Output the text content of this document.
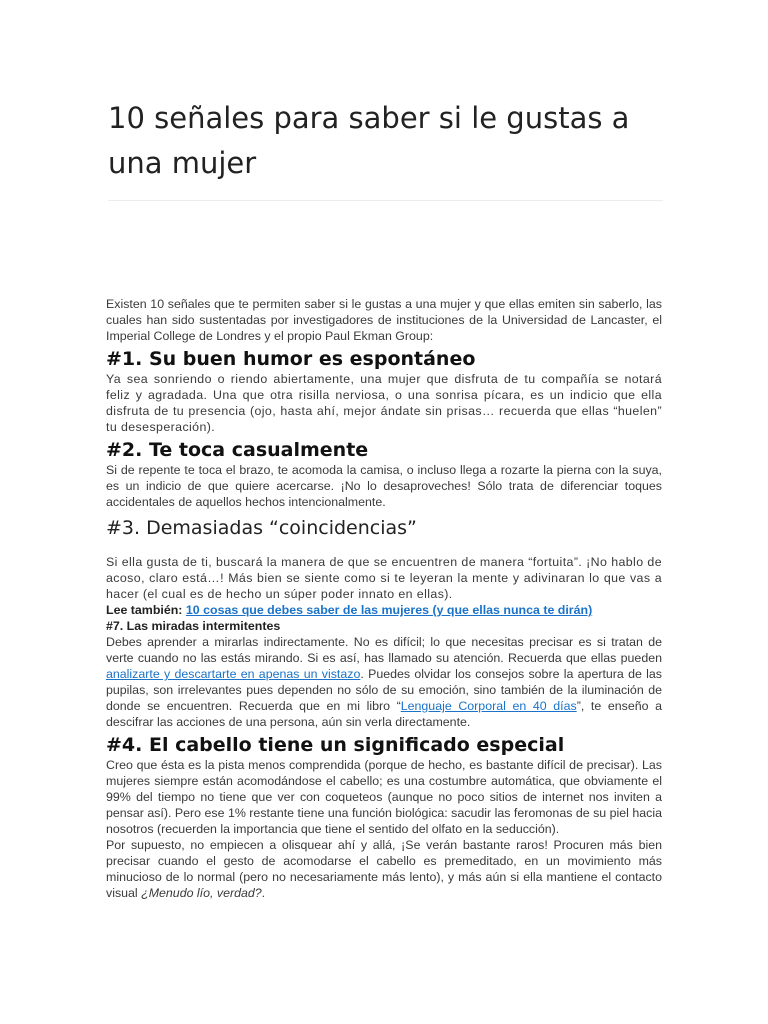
10 señales para saber si le gustas a una mujer

Existen 10 señales que te permiten saber si le gustas a una mujer y que ellas emiten sin saberlo, las cuales han sido sustentadas por investigadores de instituciones de la Universidad de Lancaster, el Imperial College de Londres y el propio Paul Ekman Group:

#1. Su buen humor es espontáneo

Ya sea sonriendo o riendo abiertamente, una mujer que disfruta de tu compañía se notará feliz y agradada. Una que otra risilla nerviosa, o una sonrisa pícara, es un indicio que ella disfruta de tu presencia (ojo, hasta ahí, mejor ándate sin prisas… recuerda que ellas “huelen” tu desesperación).

#2. Te toca casualmente

Si de repente te toca el brazo, te acomoda la camisa, o incluso llega a rozarte la pierna con la suya, es un indicio de que quiere acercarse. ¡No lo desaproveches! Sólo trata de diferenciar toques accidentales de aquellos hechos intencionalmente.

#3. Demasiadas “coincidencias”

Si ella gusta de ti, buscará la manera de que se encuentren de manera “fortuita”. ¡No hablo de acoso, claro está…! Más bien se siente como si te leyeran la mente y adivinaran lo que vas a hacer (el cual es de hecho un súper poder innato en ellas).

Lee también: 10 cosas que debes saber de las mujeres (y que ellas nunca te dirán)

#7. Las miradas intermitentes

Debes aprender a mirarlas indirectamente. No es difícil; lo que necesitas precisar es si tratan de verte cuando no las estás mirando. Si es así, has llamado su atención. Recuerda que ellas pueden analizarte y descartarte en apenas un vistazo. Puedes olvidar los consejos sobre la apertura de las pupilas, son irrelevantes pues dependen no sólo de su emoción, sino también de la iluminación de donde se encuentren. Recuerda que en mi libro “Lenguaje Corporal en 40 días”, te enseño a descifrar las acciones de una persona, aún sin verla directamente.

#4. El cabello tiene un significado especial

Creo que ésta es la pista menos comprendida (porque de hecho, es bastante difícil de precisar). Las mujeres siempre están acomodándose el cabello; es una costumbre automática, que obviamente el 99% del tiempo no tiene que ver con coqueteos (aunque no poco sitios de internet nos inviten a pensar así). Pero ese 1% restante tiene una función biológica: sacudir las feromonas de su piel hacia nosotros (recuerden la importancia que tiene el sentido del olfato en la seducción).

Por supuesto, no empiecen a olisquear ahí y allá, ¡Se verán bastante raros! Procuren más bien precisar cuando el gesto de acomodarse el cabello es premeditado, en un movimiento más minucioso de lo normal (pero no necesariamente más lento), y más aún si ella mantiene el contacto visual ¿Menudo lío, verdad?.
